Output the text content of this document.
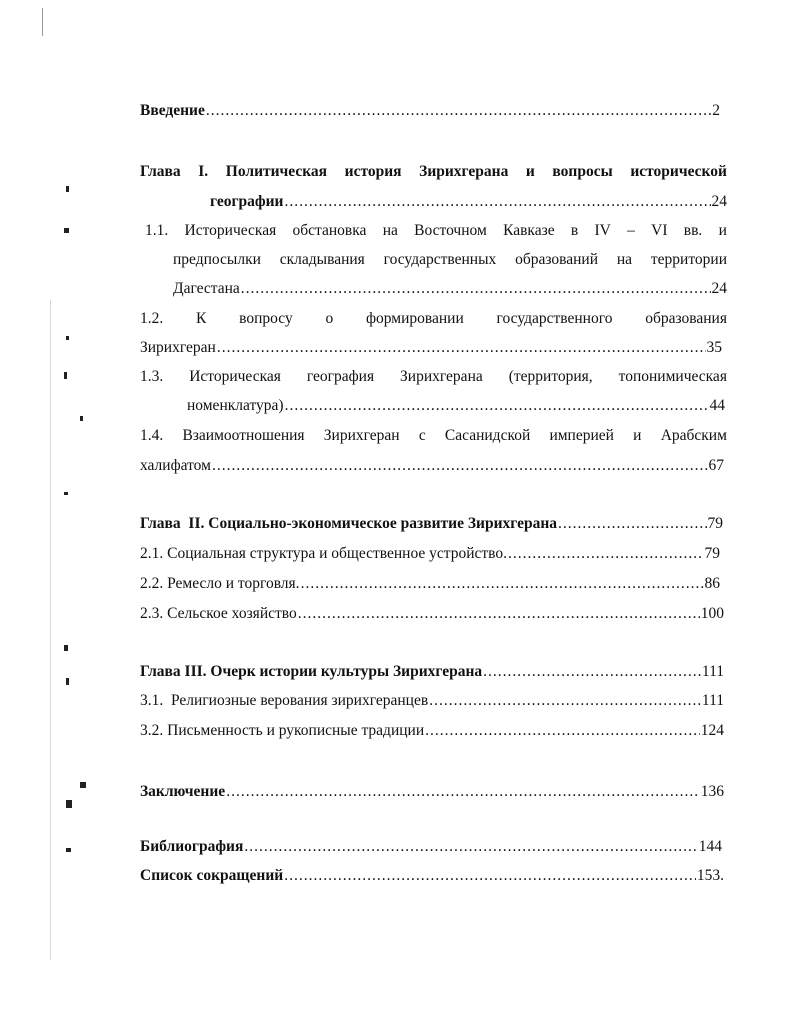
Введение .....	2
Глава I. Политическая история Зирихгерана и вопросы исторической
географии .....	24
1.1. Историческая обстановка на Восточном Кавказе в IV – VI вв. и
предпосылки складывания государственных образований на территории
Дагестана .....	24
1.2. К вопросу о формировании государственного образования
Зирихгеран .....	35
1.3. Историческая география Зирихгерана (территория, топонимическая
номенклатура) .....	44
1.4. Взаимоотношения Зирихгеран с Сасанидской империей и Арабским
халифатом .....	67
Глава  II. Социально-экономическое развитие Зирихгерана .....	79
2.1. Социальная структура и общественное устройство. .....	79
2.2. Ремесло и торговля. .....	86
2.3. Сельское хозяйство .....	100
Глава III. Очерк истории культуры Зирихгерана .....	111
3.1.  Религиозные верования зирихгеранцев .....	111
3.2. Письменность и рукописные традиции .....	124
Заключение .....	136
Библиография .....	144
Список сокращений .....	153.
